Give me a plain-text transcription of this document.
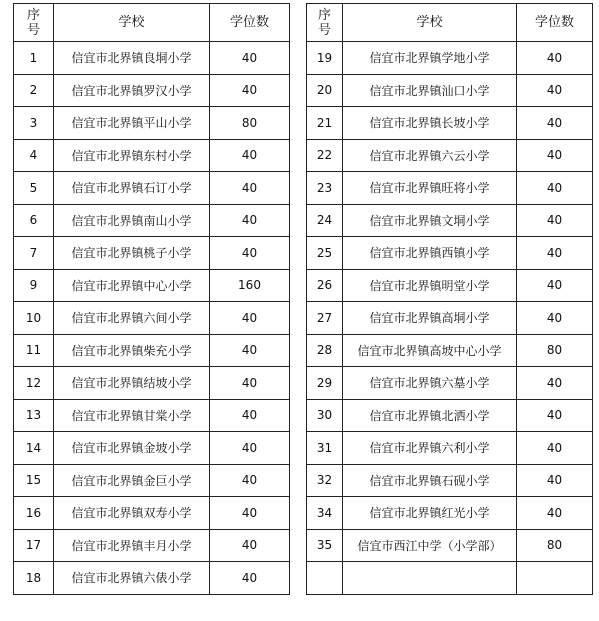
序
号	学校	学位数
1	信宜市北界镇良垌小学	40
2	信宜市北界镇罗汉小学	40
3	信宜市北界镇平山小学	80
4	信宜市北界镇东村小学	40
5	信宜市北界镇石订小学	40
6	信宜市北界镇南山小学	40
7	信宜市北界镇桃子小学	40
9	信宜市北界镇中心小学	160
10	信宜市北界镇六间小学	40
11	信宜市北界镇柴充小学	40
12	信宜市北界镇结坡小学	40
13	信宜市北界镇甘棠小学	40
14	信宜市北界镇金坡小学	40
15	信宜市北界镇金巨小学	40
16	信宜市北界镇双寿小学	40
17	信宜市北界镇丰月小学	40
18	信宜市北界镇六俵小学	40
序
号	学校	学位数
19	信宜市北界镇学地小学	40
20	信宜市北界镇汕口小学	40
21	信宜市北界镇长坡小学	40
22	信宜市北界镇六云小学	40
23	信宜市北界镇旺将小学	40
24	信宜市北界镇文垌小学	40
25	信宜市北界镇西镇小学	40
26	信宜市北界镇明堂小学	40
27	信宜市北界镇高垌小学	40
28	信宜市北界镇高坡中心小学	80
29	信宜市北界镇六墓小学	40
30	信宜市北界镇北洒小学	40
31	信宜市北界镇六利小学	40
32	信宜市北界镇石砚小学	40
34	信宜市北界镇红光小学	40
35	信宜市西江中学（小学部）	80
